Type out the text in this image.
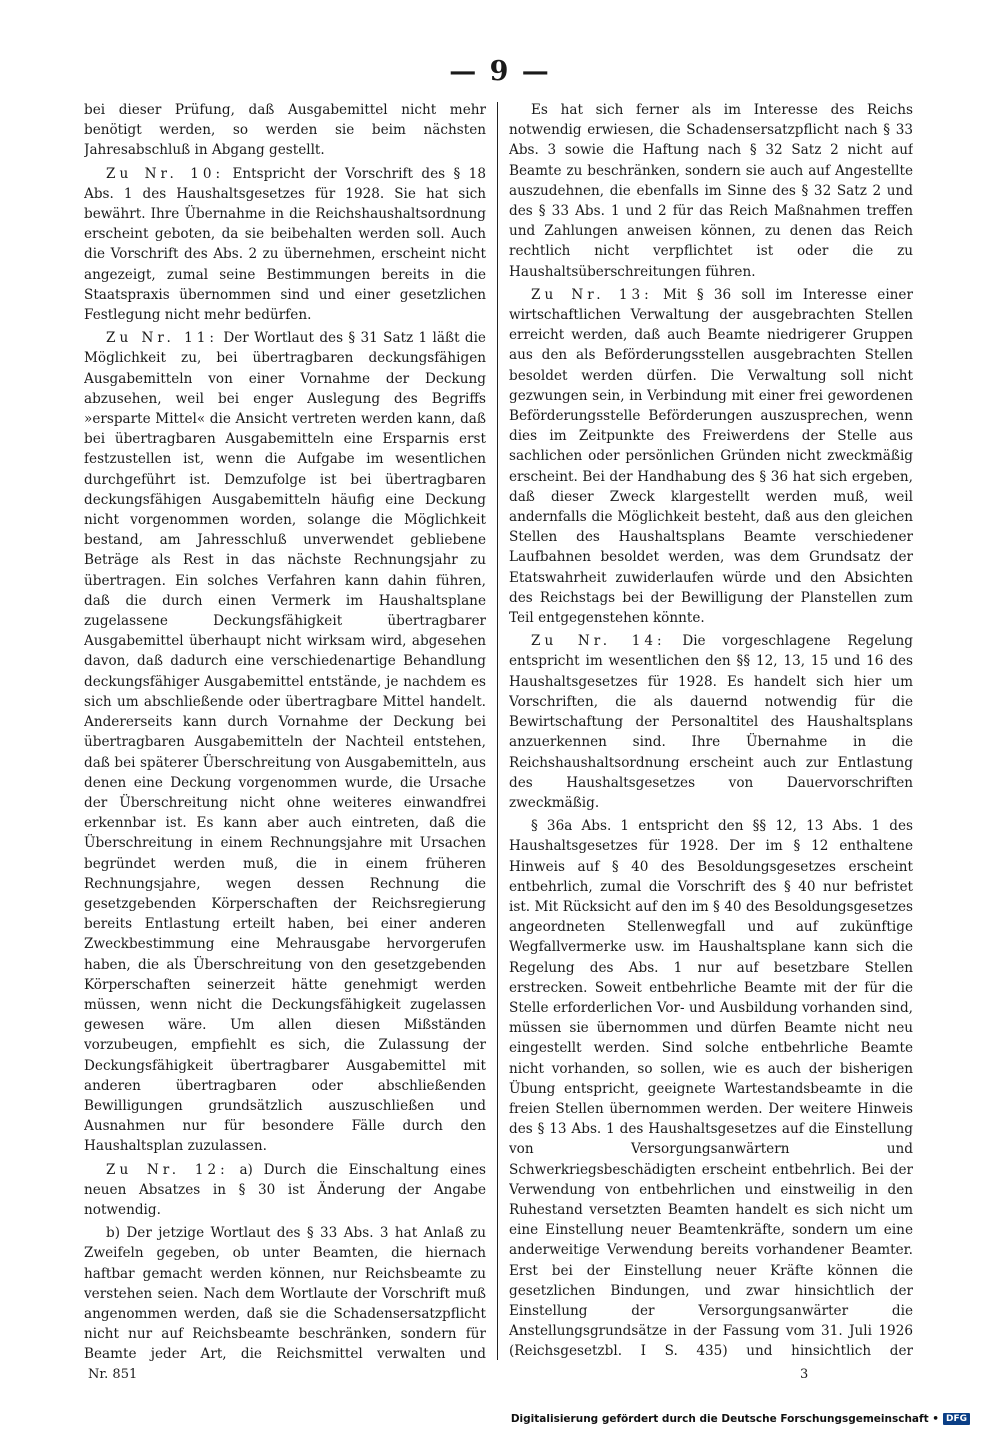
— 9 —

bei dieser Prüfung, daß Ausgabemittel nicht mehr benötigt werden, so werden sie beim nächsten Jahresabschluß in Abgang gestellt.

Zu Nr. 10: Entspricht der Vorschrift des § 18 Abs. 1 des Haushaltsgesetzes für 1928. Sie hat sich bewährt. Ihre Übernahme in die Reichshaushaltsordnung erscheint geboten, da sie beibehalten werden soll. Auch die Vorschrift des Abs. 2 zu übernehmen, erscheint nicht angezeigt, zumal seine Bestimmungen bereits in die Staatspraxis übernommen sind und einer gesetzlichen Festlegung nicht mehr bedürfen.

Zu Nr. 11: Der Wortlaut des § 31 Satz 1 läßt die Möglichkeit zu, bei übertragbaren deckungsfähigen Ausgabemitteln von einer Vornahme der Deckung abzusehen, weil bei enger Auslegung des Begriffs »ersparte Mittel« die Ansicht vertreten werden kann, daß bei übertragbaren Ausgabemitteln eine Ersparnis erst festzustellen ist, wenn die Aufgabe im wesentlichen durchgeführt ist. Demzufolge ist bei übertragbaren deckungsfähigen Ausgabemitteln häufig eine Deckung nicht vorgenommen worden, solange die Möglichkeit bestand, am Jahresschluß unverwendet gebliebene Beträge als Rest in das nächste Rechnungsjahr zu übertragen. Ein solches Verfahren kann dahin führen, daß die durch einen Vermerk im Haushaltsplane zugelassene Deckungsfähigkeit übertragbarer Ausgabemittel überhaupt nicht wirksam wird, abgesehen davon, daß dadurch eine verschiedenartige Behandlung deckungsfähiger Ausgabemittel entstände, je nachdem es sich um abschließende oder übertragbare Mittel handelt. Andererseits kann durch Vornahme der Deckung bei übertragbaren Ausgabemitteln der Nachteil entstehen, daß bei späterer Überschreitung von Ausgabemitteln, aus denen eine Deckung vorgenommen wurde, die Ursache der Überschreitung nicht ohne weiteres einwandfrei erkennbar ist. Es kann aber auch eintreten, daß die Überschreitung in einem Rechnungsjahre mit Ursachen begründet werden muß, die in einem früheren Rechnungsjahre, wegen dessen Rechnung die gesetzgebenden Körperschaften der Reichsregierung bereits Entlastung erteilt haben, bei einer anderen Zweckbestimmung eine Mehrausgabe hervorgerufen haben, die als Überschreitung von den gesetzgebenden Körperschaften seinerzeit hätte genehmigt werden müssen, wenn nicht die Deckungsfähigkeit zugelassen gewesen wäre. Um allen diesen Mißständen vorzubeugen, empfiehlt es sich, die Zulassung der Deckungsfähigkeit übertragbarer Ausgabemittel mit anderen übertragbaren oder abschließenden Bewilligungen grundsätzlich auszuschließen und Ausnahmen nur für besondere Fälle durch den Haushaltsplan zuzulassen.

Zu Nr. 12: a) Durch die Einschaltung eines neuen Absatzes in § 30 ist Änderung der Angabe notwendig.

b) Der jetzige Wortlaut des § 33 Abs. 3 hat Anlaß zu Zweifeln gegeben, ob unter Beamten, die hiernach haftbar gemacht werden können, nur Reichsbeamte zu verstehen seien. Nach dem Wortlaute der Vorschrift muß angenommen werden, daß sie die Schadensersatzpflicht nicht nur auf Reichsbeamte beschränken, sondern für Beamte jeder Art, die Reichsmittel verwalten und

Es hat sich ferner als im Interesse des Reichs notwendig erwiesen, die Schadensersatzpflicht nach § 33 Abs. 3 sowie die Haftung nach § 32 Satz 2 nicht auf Beamte zu beschränken, sondern sie auch auf Angestellte auszudehnen, die ebenfalls im Sinne des § 32 Satz 2 und des § 33 Abs. 1 und 2 für das Reich Maßnahmen treffen und Zahlungen anweisen können, zu denen das Reich rechtlich nicht verpflichtet ist oder die zu Haushaltsüberschreitungen führen.

Zu Nr. 13: Mit § 36 soll im Interesse einer wirtschaftlichen Verwaltung der ausgebrachten Stellen erreicht werden, daß auch Beamte niedrigerer Gruppen aus den als Beförderungsstellen ausgebrachten Stellen besoldet werden dürfen. Die Verwaltung soll nicht gezwungen sein, in Verbindung mit einer frei gewordenen Beförderungsstelle Beförderungen auszusprechen, wenn dies im Zeitpunkte des Freiwerdens der Stelle aus sachlichen oder persönlichen Gründen nicht zweckmäßig erscheint. Bei der Handhabung des § 36 hat sich ergeben, daß dieser Zweck klargestellt werden muß, weil andernfalls die Möglichkeit besteht, daß aus den gleichen Stellen des Haushaltsplans Beamte verschiedener Laufbahnen besoldet werden, was dem Grundsatz der Etatswahrheit zuwiderlaufen würde und den Absichten des Reichstags bei der Bewilligung der Planstellen zum Teil entgegenstehen könnte.

Zu Nr. 14: Die vorgeschlagene Regelung entspricht im wesentlichen den §§ 12, 13, 15 und 16 des Haushaltsgesetzes für 1928. Es handelt sich hier um Vorschriften, die als dauernd notwendig für die Bewirtschaftung der Personaltitel des Haushaltsplans anzuerkennen sind. Ihre Übernahme in die Reichshaushaltsordnung erscheint auch zur Entlastung des Haushaltsgesetzes von Dauervorschriften zweckmäßig.

§ 36a Abs. 1 entspricht den §§ 12, 13 Abs. 1 des Haushaltsgesetzes für 1928. Der im § 12 enthaltene Hinweis auf § 40 des Besoldungsgesetzes erscheint entbehrlich, zumal die Vorschrift des § 40 nur befristet ist. Mit Rücksicht auf den im § 40 des Besoldungsgesetzes angeordneten Stellenwegfall und auf zukünftige Wegfallvermerke usw. im Haushaltsplane kann sich die Regelung des Abs. 1 nur auf besetzbare Stellen erstrecken. Soweit entbehrliche Beamte mit der für die Stelle erforderlichen Vor- und Ausbildung vorhanden sind, müssen sie übernommen und dürfen Beamte nicht neu eingestellt werden. Sind solche entbehrliche Beamte nicht vorhanden, so sollen, wie es auch der bisherigen Übung entspricht, geeignete Wartestandsbeamte in die freien Stellen übernommen werden. Der weitere Hinweis des § 13 Abs. 1 des Haushaltsgesetzes auf die Einstellung von Versorgungsanwärtern und Schwerkriegsbeschädigten erscheint entbehrlich. Bei der Verwendung von entbehrlichen und einstweilig in den Ruhestand versetzten Beamten handelt es sich nicht um eine Einstellung neuer Beamtenkräfte, sondern um eine anderweitige Verwendung bereits vorhandener Beamter. Erst bei der Einstellung neuer Kräfte können die gesetzlichen Bindungen, und zwar hinsichtlich der Einstellung der Versorgungsanwärter die Anstellungsgrundsätze in der Fassung vom 31. Juli 1926 (Reichsgesetzbl. I S. 435) und hinsichtlich der

Nr. 851	3
Digitalisierung gefördert durch die Deutsche Forschungsgemeinschaft • DFG
